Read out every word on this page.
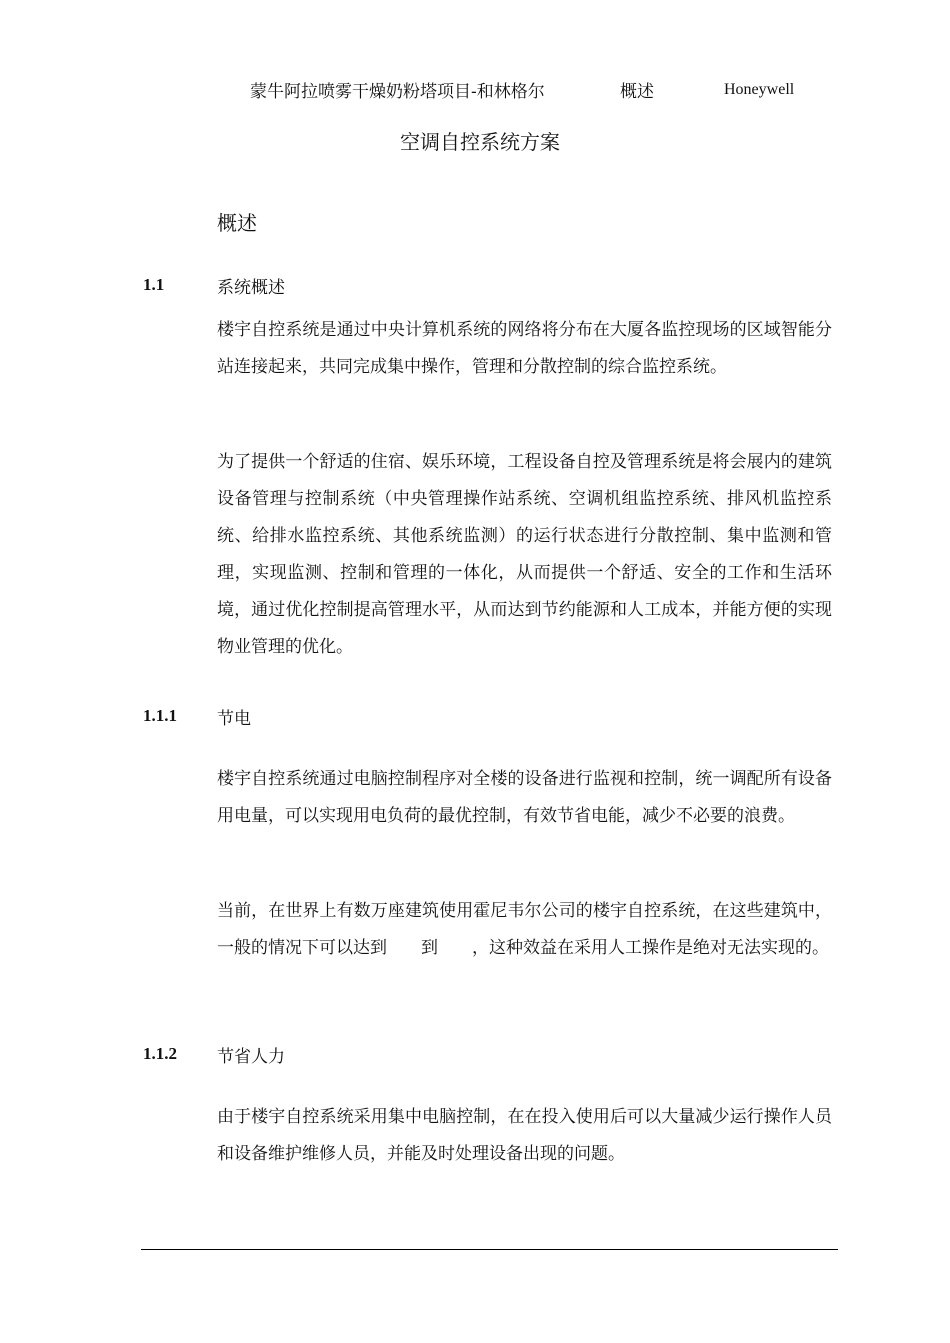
蒙牛阿拉喷雾干燥奶粉塔项目-和林格尔	概述	Honeywell
空调自控系统方案
概述
1.1	系统概述

楼宇自控系统是通过中央计算机系统的网络将分布在大厦各监控现场的区域智能分站连接起来，共同完成集中操作，管理和分散控制的综合监控系统。

为了提供一个舒适的住宿、娱乐环境，工程设备自控及管理系统是将会展内的建筑设备管理与控制系统（中央管理操作站系统、空调机组监控系统、排风机监控系统、给排水监控系统、其他系统监测）的运行状态进行分散控制、集中监测和管理，实现监测、控制和管理的一体化，从而提供一个舒适、安全的工作和生活环境，通过优化控制提高管理水平，从而达到节约能源和人工成本，并能方便的实现物业管理的优化。

1.1.1 节电

楼宇自控系统通过电脑控制程序对全楼的设备进行监视和控制，统一调配所有设备用电量，可以实现用电负荷的最优控制，有效节省电能，减少不必要的浪费。

当前，在世界上有数万座建筑使用霍尼韦尔公司的楼宇自控系统，在这些建筑中，一般的情况下可以达到　　到　　，这种效益在采用人工操作是绝对无法实现的。

1.1.2 节省人力

由于楼宇自控系统采用集中电脑控制，在在投入使用后可以大量减少运行操作人员和设备维护维修人员，并能及时处理设备出现的问题。
